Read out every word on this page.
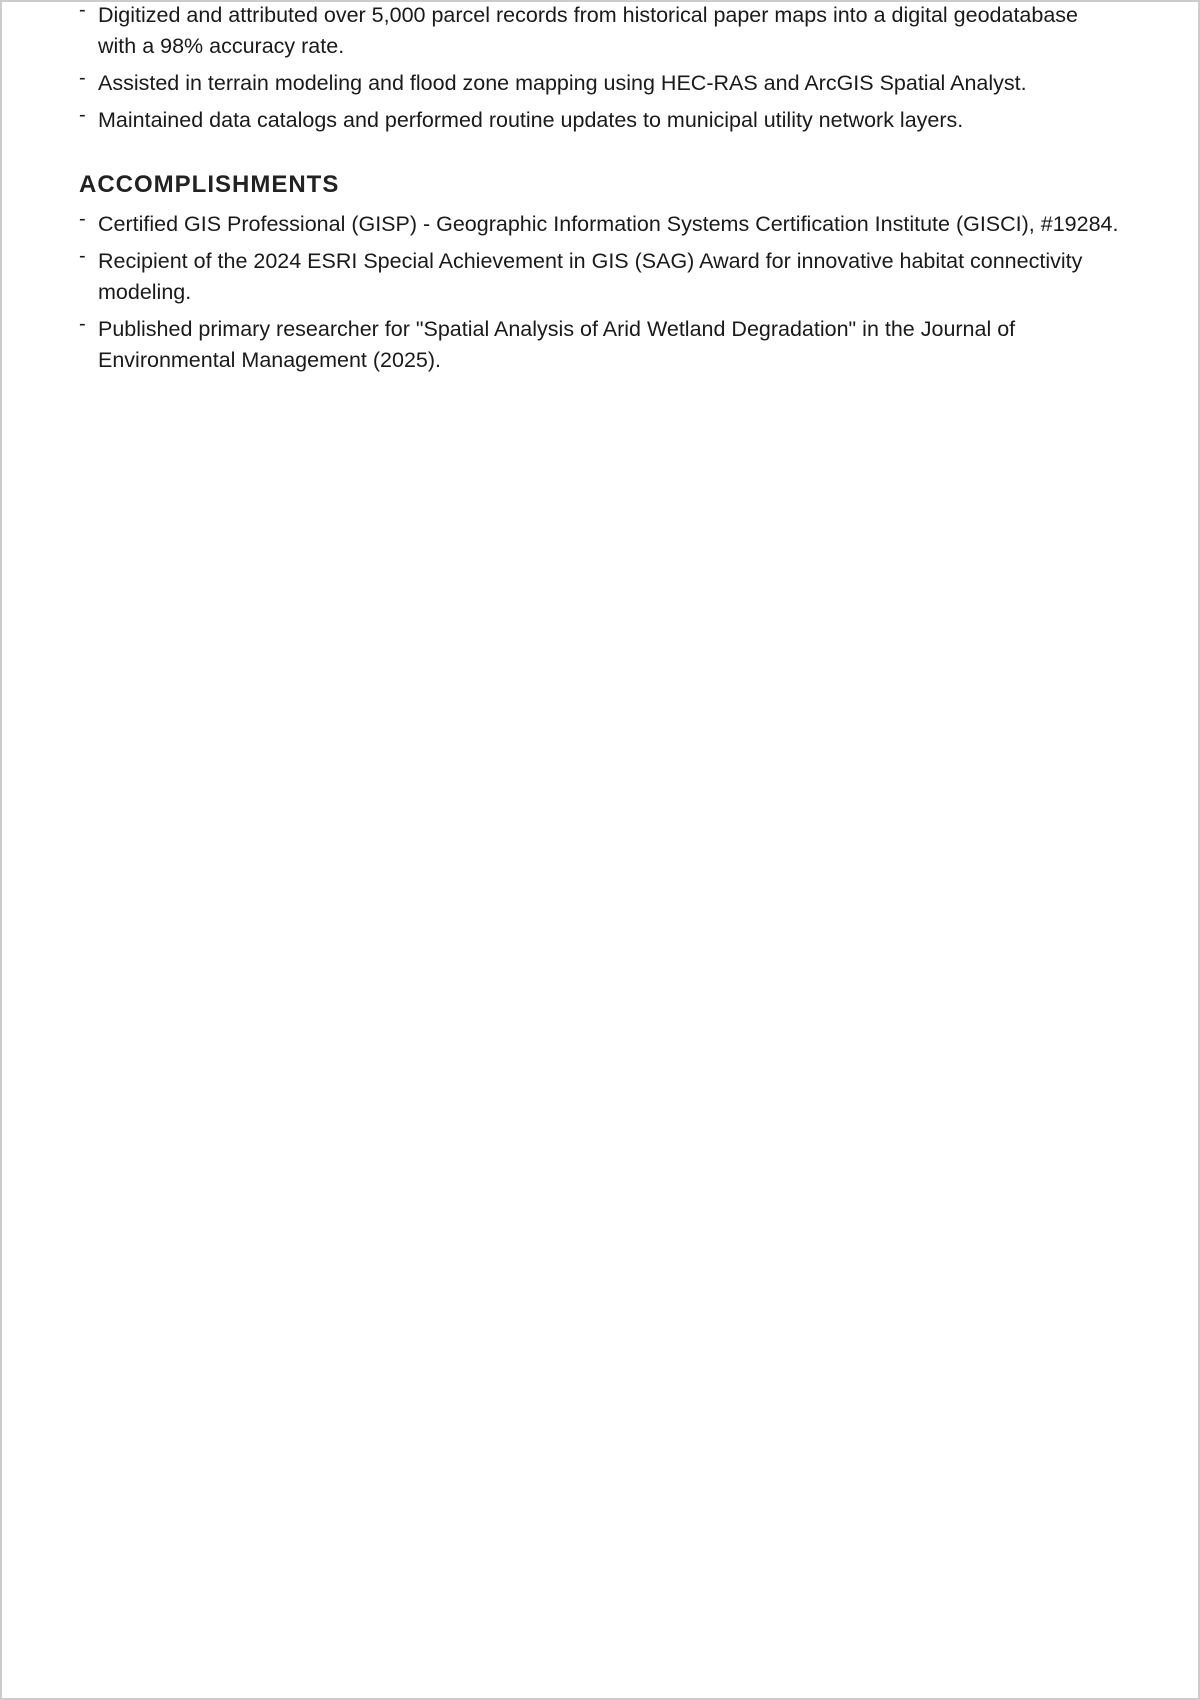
- Digitized and attributed over 5,000 parcel records from historical paper maps into a digital geodatabase with a 98% accuracy rate.
- Assisted in terrain modeling and flood zone mapping using HEC-RAS and ArcGIS Spatial Analyst.
- Maintained data catalogs and performed routine updates to municipal utility network layers.
ACCOMPLISHMENTS
- Certified GIS Professional (GISP) - Geographic Information Systems Certification Institute (GISCI), #19284.
- Recipient of the 2024 ESRI Special Achievement in GIS (SAG) Award for innovative habitat connectivity modeling.
- Published primary researcher for "Spatial Analysis of Arid Wetland Degradation" in the Journal of Environmental Management (2025).
